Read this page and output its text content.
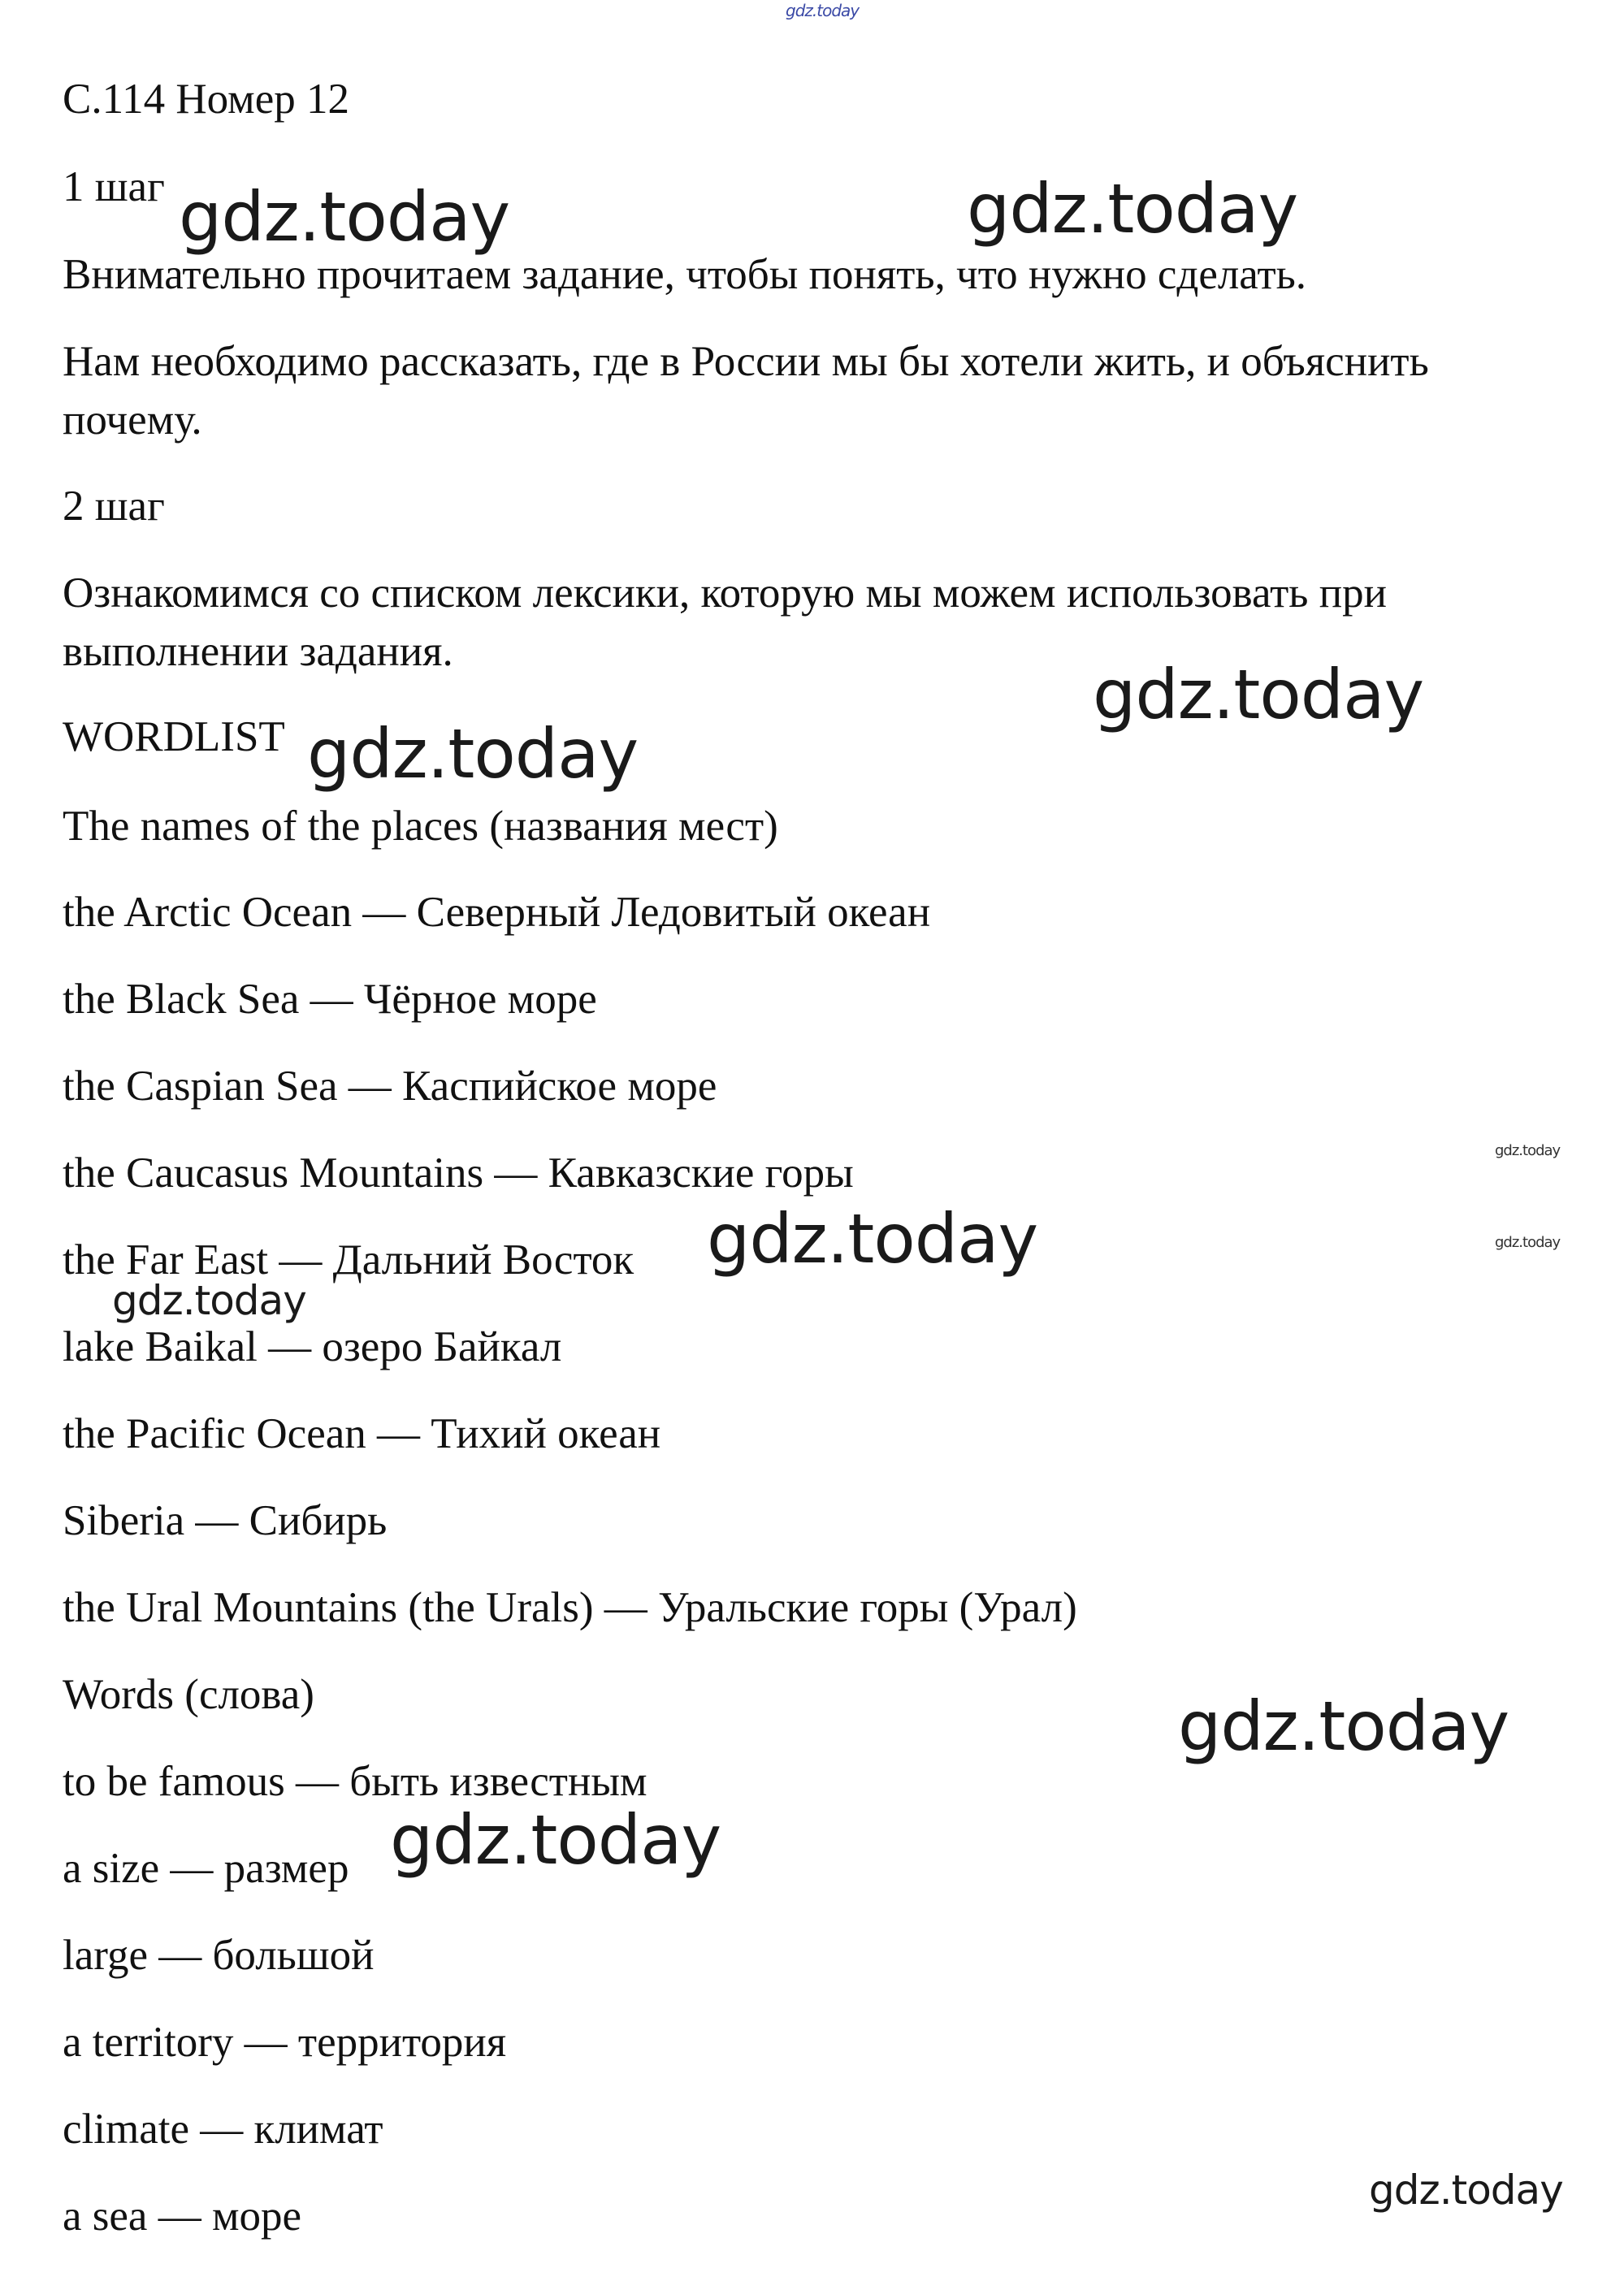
gdz.today
С.114 Номер 12
1 шаг
Внимательно прочитаем задание, чтобы понять, что нужно сделать.
Нам необходимо рассказать, где в России мы бы хотели жить, и объяснить
почему.
2 шаг
Ознакомимся со списком лексики, которую мы можем использовать при
выполнении задания.
WORDLIST
The names of the places (названия мест)
the Arctic Ocean — Северный Ледовитый океан
the Black Sea — Чёрное море
the Caspian Sea — Каспийское море
the Caucasus Mountains — Кавказские горы
the Far East — Дальний Восток
lake Baikal — озеро Байкал
the Pacific Ocean — Тихий океан
Siberia — Сибирь
the Ural Mountains (the Urals) — Уральские горы (Урал)
Words (слова)
to be famous — быть известным
a size — размер
large — большой
a territory — территория
climate — климат
a sea — море
gdz.today	gdz.today
gdz.today
gdz.today
gdz.today
gdz.today
gdz.today
gdz.today
gdz.today
gdz.today
gdz.today
